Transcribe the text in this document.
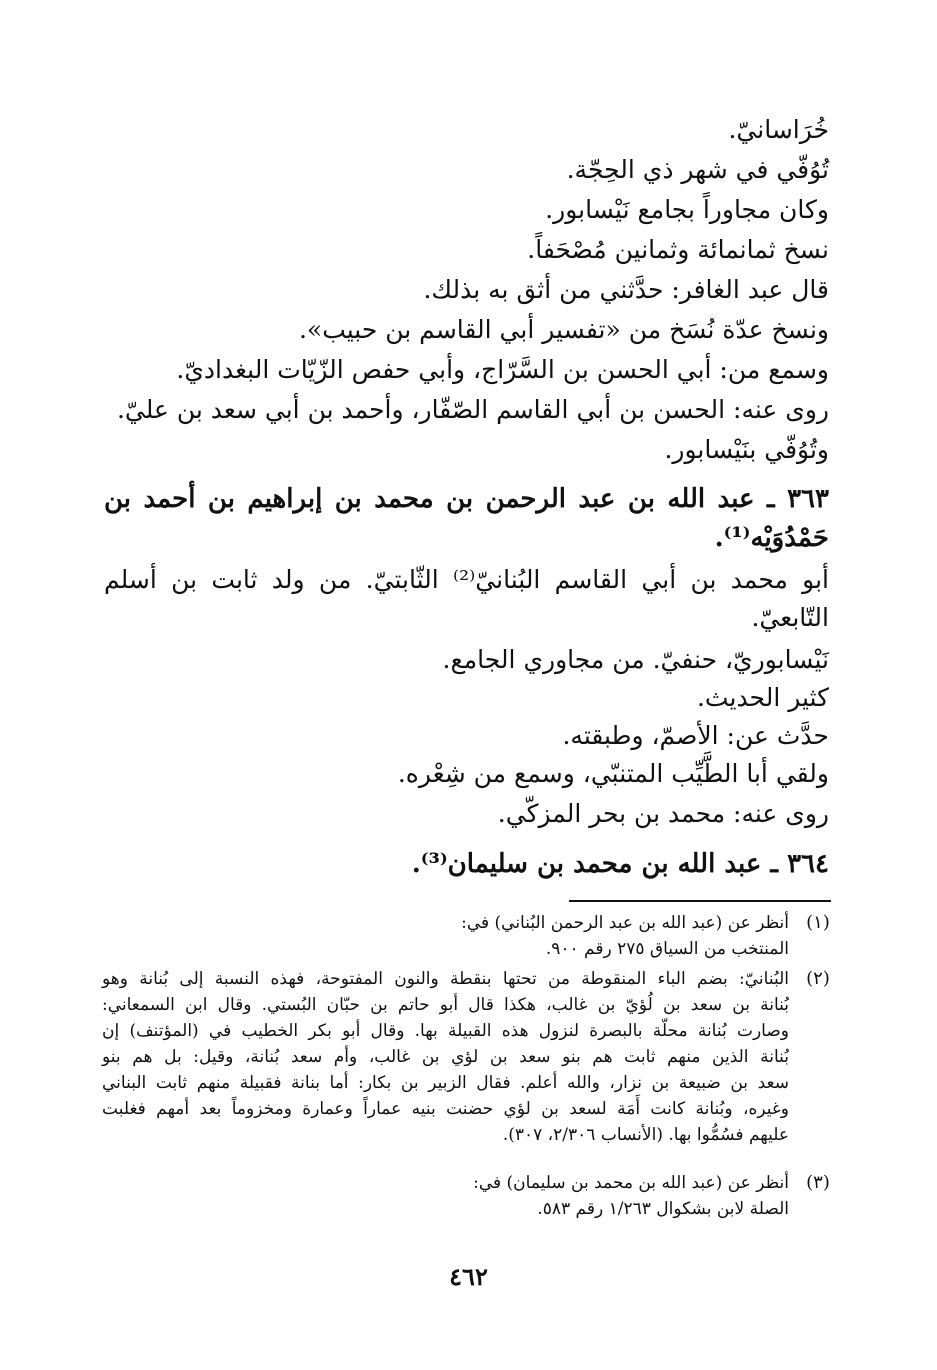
خُرَاسانيّ.
تُوُفّي في شهر ذي الحِجّة.
وكان مجاوراً بجامع نَيْسابور.
نسخ ثمانمائة وثمانين مُصْحَفاً.
قال عبد الغافر: حدَّثني من أثق به بذلك.
ونسخ عدّة نُسَخ من «تفسير أبي القاسم بن حبيب».
وسمع من: أبي الحسن بن السَّرّاج، وأبي حفص الزّيّات البغداديّ.
روى عنه: الحسن بن أبي القاسم الصّفّار، وأحمد بن أبي سعد بن عليّ.
وتُوُفّي بنَيْسابور.
٣٦٣ ـ عبد الله بن عبد الرحمن بن محمد بن إبراهيم بن أحمد بن
حَمْدُوَيْه⁽¹⁾.
أبو محمد بن أبي القاسم البُنانيّ⁽²⁾ الثّابتيّ. من ولد ثابت بن أسلم
التّابعيّ.
نَيْسابوريّ، حنفيّ. من مجاوري الجامع.
كثير الحديث.
حدَّث عن: الأصمّ، وطبقته.
ولقي أبا الطَّيِّب المتنبّي، وسمع من شِعْره.
روى عنه: محمد بن بحر المزكّي.
٣٦٤ ـ عبد الله بن محمد بن سليمان⁽³⁾.
(١)
أنظر عن (عبد الله بن عبد الرحمن البُناني) في:
المنتخب من السياق ٢٧٥ رقم ٩٠٠.
(٢)
البُنانيّ: بضم الباء المنقوطة من تحتها بنقطة والنون المفتوحة، فهذه النسبة إلى بُنانة وهو
بُنانة بن سعد بن لُؤيّ بن غالب، هكذا قال أبو حاتم بن حبّان البُستي. وقال ابن السمعاني:
وصارت بُنانة محلّة بالبصرة لنزول هذه القبيلة بها. وقال أبو بكر الخطيب في (المؤتنف) إن
بُنانة الذين منهم ثابت هم بنو سعد بن لؤي بن غالب، وأم سعد بُنانة، وقيل: بل هم بنو
سعد بن ضبيعة بن نزار، والله أعلم. فقال الزبير بن بكار: أما بنانة فقبيلة منهم ثابت البناني
وغيره، وبُنانة كانت أَمَة لسعد بن لؤي حضنت بنيه عماراً وعمارة ومخزوماً بعد أمهم فغلبت
عليهم فسُمُّوا بها. (الأنساب ٢/٣٠٦، ٣٠٧).
(٣)
أنظر عن (عبد الله بن محمد بن سليمان) في:
الصلة لابن بشكوال ١/٢٦٣ رقم ٥٨٣.
٤٦٢
